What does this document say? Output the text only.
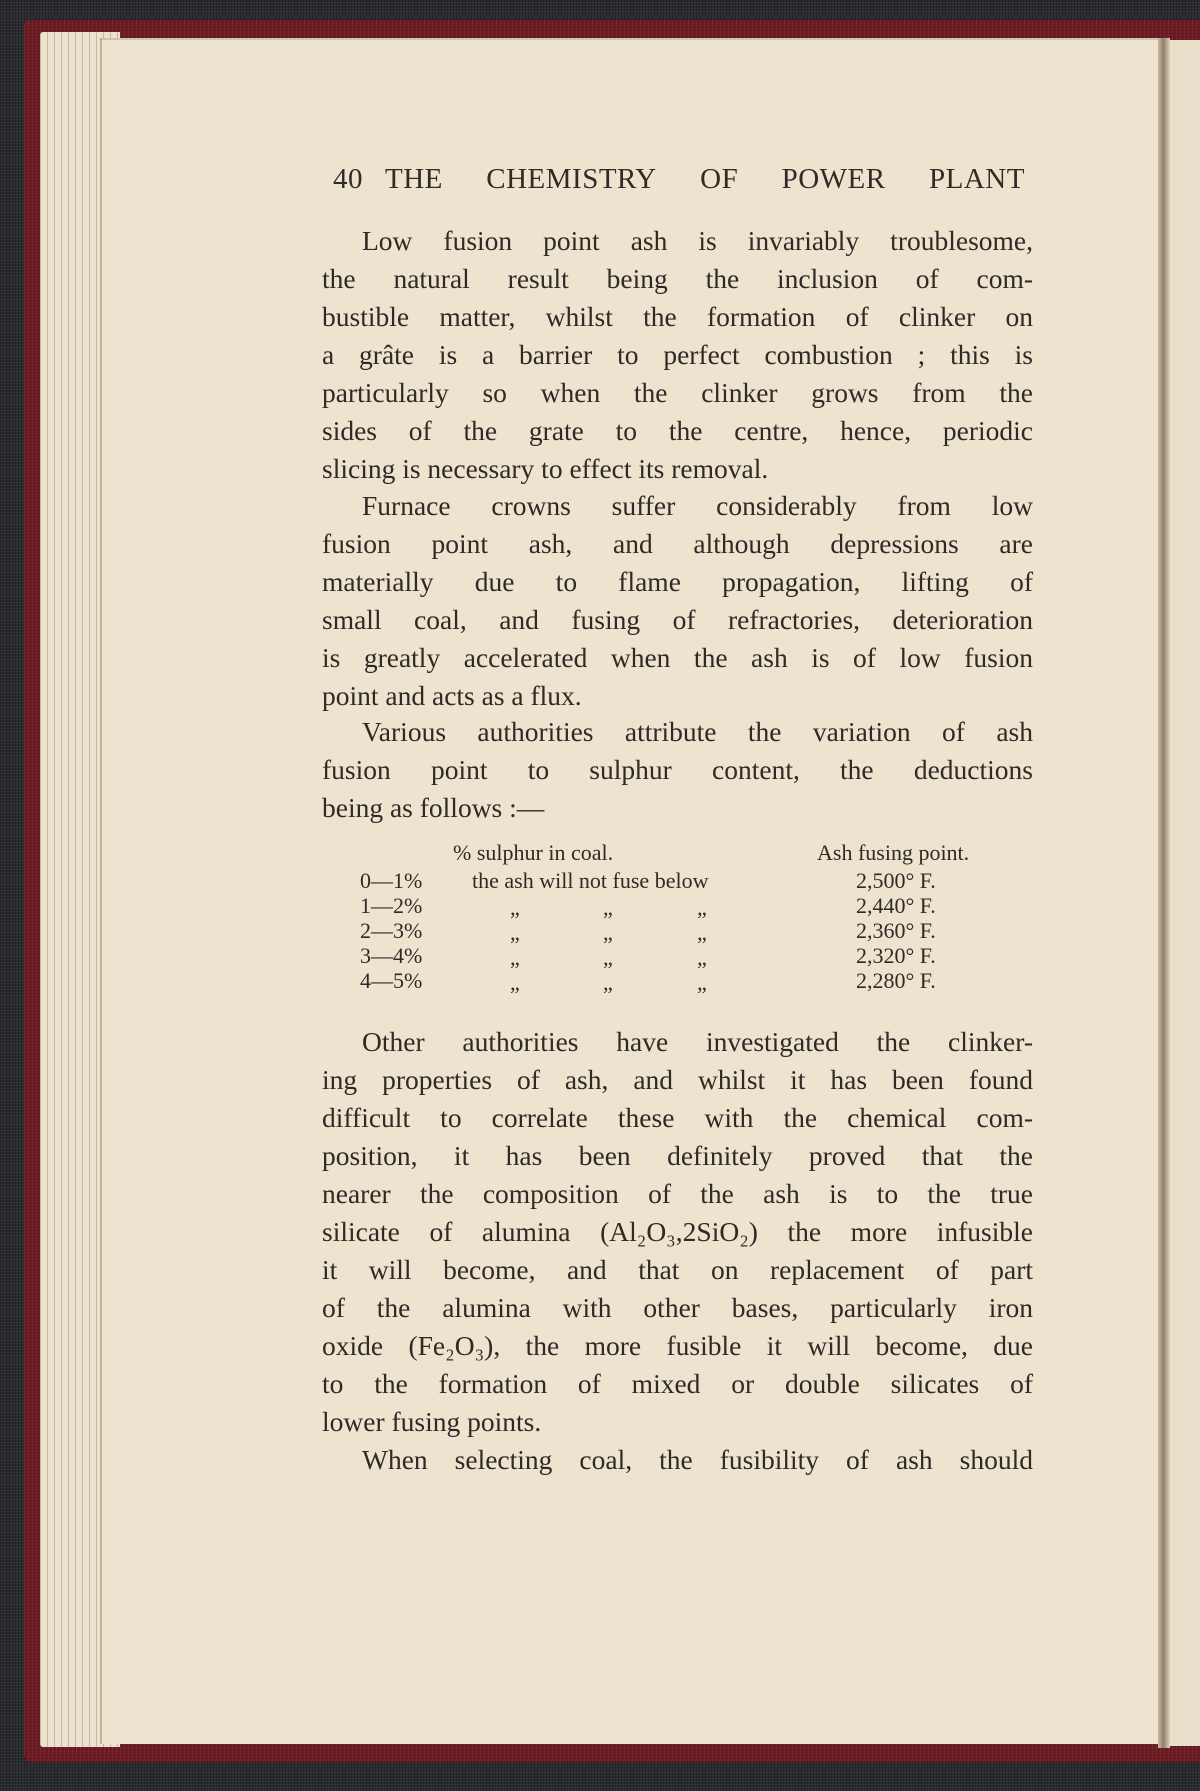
40 THE CHEMISTRY OF POWER PLANT
Low fusion point ash is invariably troublesome,
the natural result being the inclusion of com-
bustible matter, whilst the formation of clinker on
a grâte is a barrier to perfect combustion ; this is
particularly so when the clinker grows from the
sides of the grate to the centre, hence, periodic
slicing is necessary to effect its removal.
Furnace crowns suffer considerably from low
fusion point ash, and although depressions are
materially due to flame propagation, lifting of
small coal, and fusing of refractories, deterioration
is greatly accelerated when the ash is of low fusion
point and acts as a flux.
Various authorities attribute the variation of ash
fusion point to sulphur content, the deductions
being as follows :—
% sulphur in coal.	Ash fusing point.
0—1% the ash will not fuse below	2,500° F.
1—2%	„	„	„	2,440° F.
2—3%	„	„	„	2,360° F.
3—4%	„	„	„	2,320° F.
4—5%	„	„	„	2,280° F.
Other authorities have investigated the clinker-
ing properties of ash, and whilst it has been found
difficult to correlate these with the chemical com-
position, it has been definitely proved that the
nearer the composition of the ash is to the true
silicate of alumina (Al₂O₃,2SiO₂) the more infusible
it will become, and that on replacement of part
of the alumina with other bases, particularly iron
oxide (Fe₂O₃), the more fusible it will become, due
to the formation of mixed or double silicates of
lower fusing points.
When selecting coal, the fusibility of ash should
